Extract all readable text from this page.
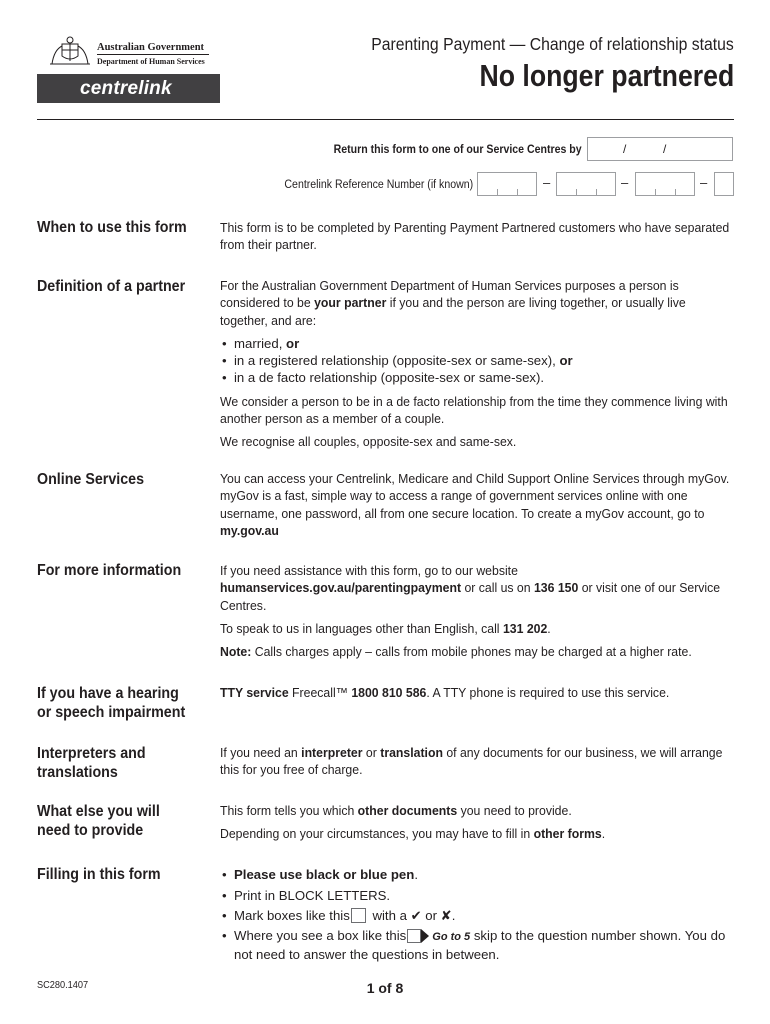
Australian Government
Department of Human Services
centrelink
Parenting Payment — Change of relationship status
No longer partnered
Return this form to one of our Service Centres by	/	/
Centrelink Reference Number (if known)	–	–	–
When to use this form	This form is to be completed by Parenting Payment Partnered customers who have separated from their partner.

Definition of a partner	For the Australian Government Department of Human Services purposes a person is considered to be your partner if you and the person are living together, or usually live together, and are:

• married, or
• in a registered relationship (opposite-sex or same-sex), or
• in a de facto relationship (opposite-sex or same-sex).

We consider a person to be in a de facto relationship from the time they commence living with another person as a member of a couple.

We recognise all couples, opposite-sex and same-sex.

Online Services	You can access your Centrelink, Medicare and Child Support Online Services through myGov. myGov is a fast, simple way to access a range of government services online with one username, one password, all from one secure location. To create a myGov account, go to my.gov.au

For more information	If you need assistance with this form, go to our website humanservices.gov.au/parentingpayment or call us on 136 150 or visit one of our Service Centres.

To speak to us in languages other than English, call 131 202.

Note: Calls charges apply – calls from mobile phones may be charged at a higher rate.

If you have a hearing or speech impairment

TTY service Freecall™ 1800 810 586. A TTY phone is required to use this service.

Interpreters and translations

If you need an interpreter or translation of any documents for our business, we will arrange this for you free of charge.

What else you will need to provide

This form tells you which other documents you need to provide.

Depending on your circumstances, you may have to fill in other forms.

Filling in this form
•	Please use black or blue pen.
• Print in BLOCK LETTERS.
• Mark boxes like this with a ✔ or ✘.
• Where you see a box like this Go to 5 skip to the question number shown. You do not need to answer the questions in between.
SC280.1407	1 of 8
